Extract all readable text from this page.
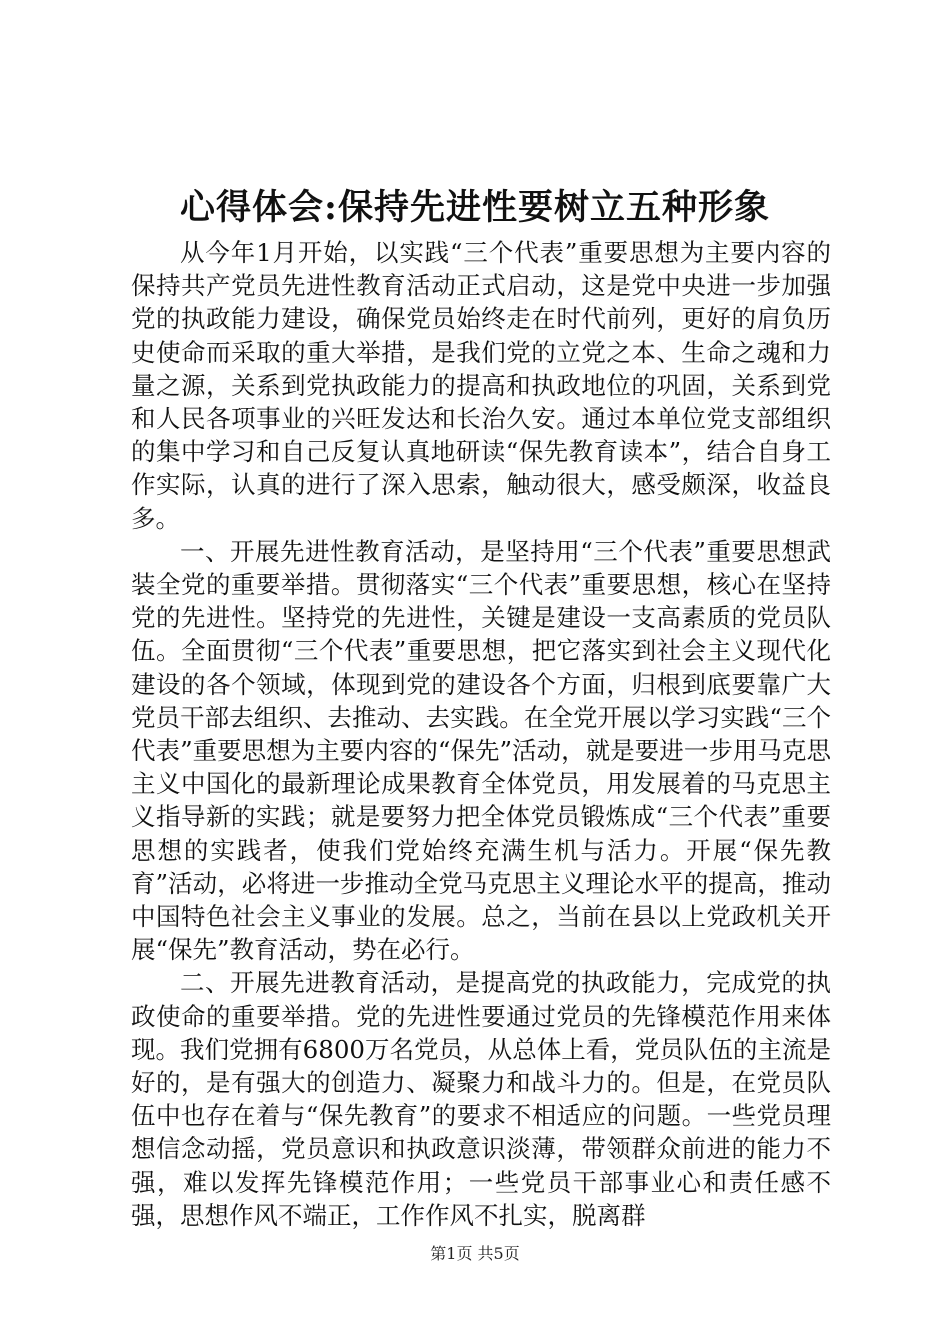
心得体会:保持先进性要树立五种形象

从今年1月开始，以实践“三个代表”重要思想为主要内容的保持共产党员先进性教育活动正式启动，这是党中央进一步加强党的执政能力建设，确保党员始终走在时代前列，更好的肩负历史使命而采取的重大举措，是我们党的立党之本、生命之魂和力量之源，关系到党执政能力的提高和执政地位的巩固，关系到党和人民各项事业的兴旺发达和长治久安。通过本单位党支部组织的集中学习和自己反复认真地研读“保先教育读本”，结合自身工作实际，认真的进行了深入思索，触动很大，感受颇深，收益良多。

一、开展先进性教育活动，是坚持用“三个代表”重要思想武装全党的重要举措。贯彻落实“三个代表”重要思想，核心在坚持党的先进性。坚持党的先进性，关键是建设一支高素质的党员队伍。全面贯彻“三个代表”重要思想，把它落实到社会主义现代化建设的各个领域，体现到党的建设各个方面，归根到底要靠广大党员干部去组织、去推动、去实践。在全党开展以学习实践“三个代表”重要思想为主要内容的“保先”活动，就是要进一步用马克思主义中国化的最新理论成果教育全体党员，用发展着的马克思主义指导新的实践；就是要努力把全体党员锻炼成“三个代表”重要思想的实践者，使我们党始终充满生机与活力。开展“保先教育”活动，必将进一步推动全党马克思主义理论水平的提高，推动中国特色社会主义事业的发展。总之，当前在县以上党政机关开展“保先”教育活动，势在必行。

二、开展先进教育活动，是提高党的执政能力，完成党的执政使命的重要举措。党的先进性要通过党员的先锋模范作用来体现。我们党拥有6800万名党员，从总体上看，党员队伍的主流是好的，是有强大的创造力、凝聚力和战斗力的。但是，在党员队伍中也存在着与“保先教育”的要求不相适应的问题。一些党员理想信念动摇，党员意识和执政意识淡薄，带领群众前进的能力不强，难以发挥先锋模范作用；一些党员干部事业心和责任感不强，思想作风不端正，工作作风不扎实，脱离群

第1页 共5页
